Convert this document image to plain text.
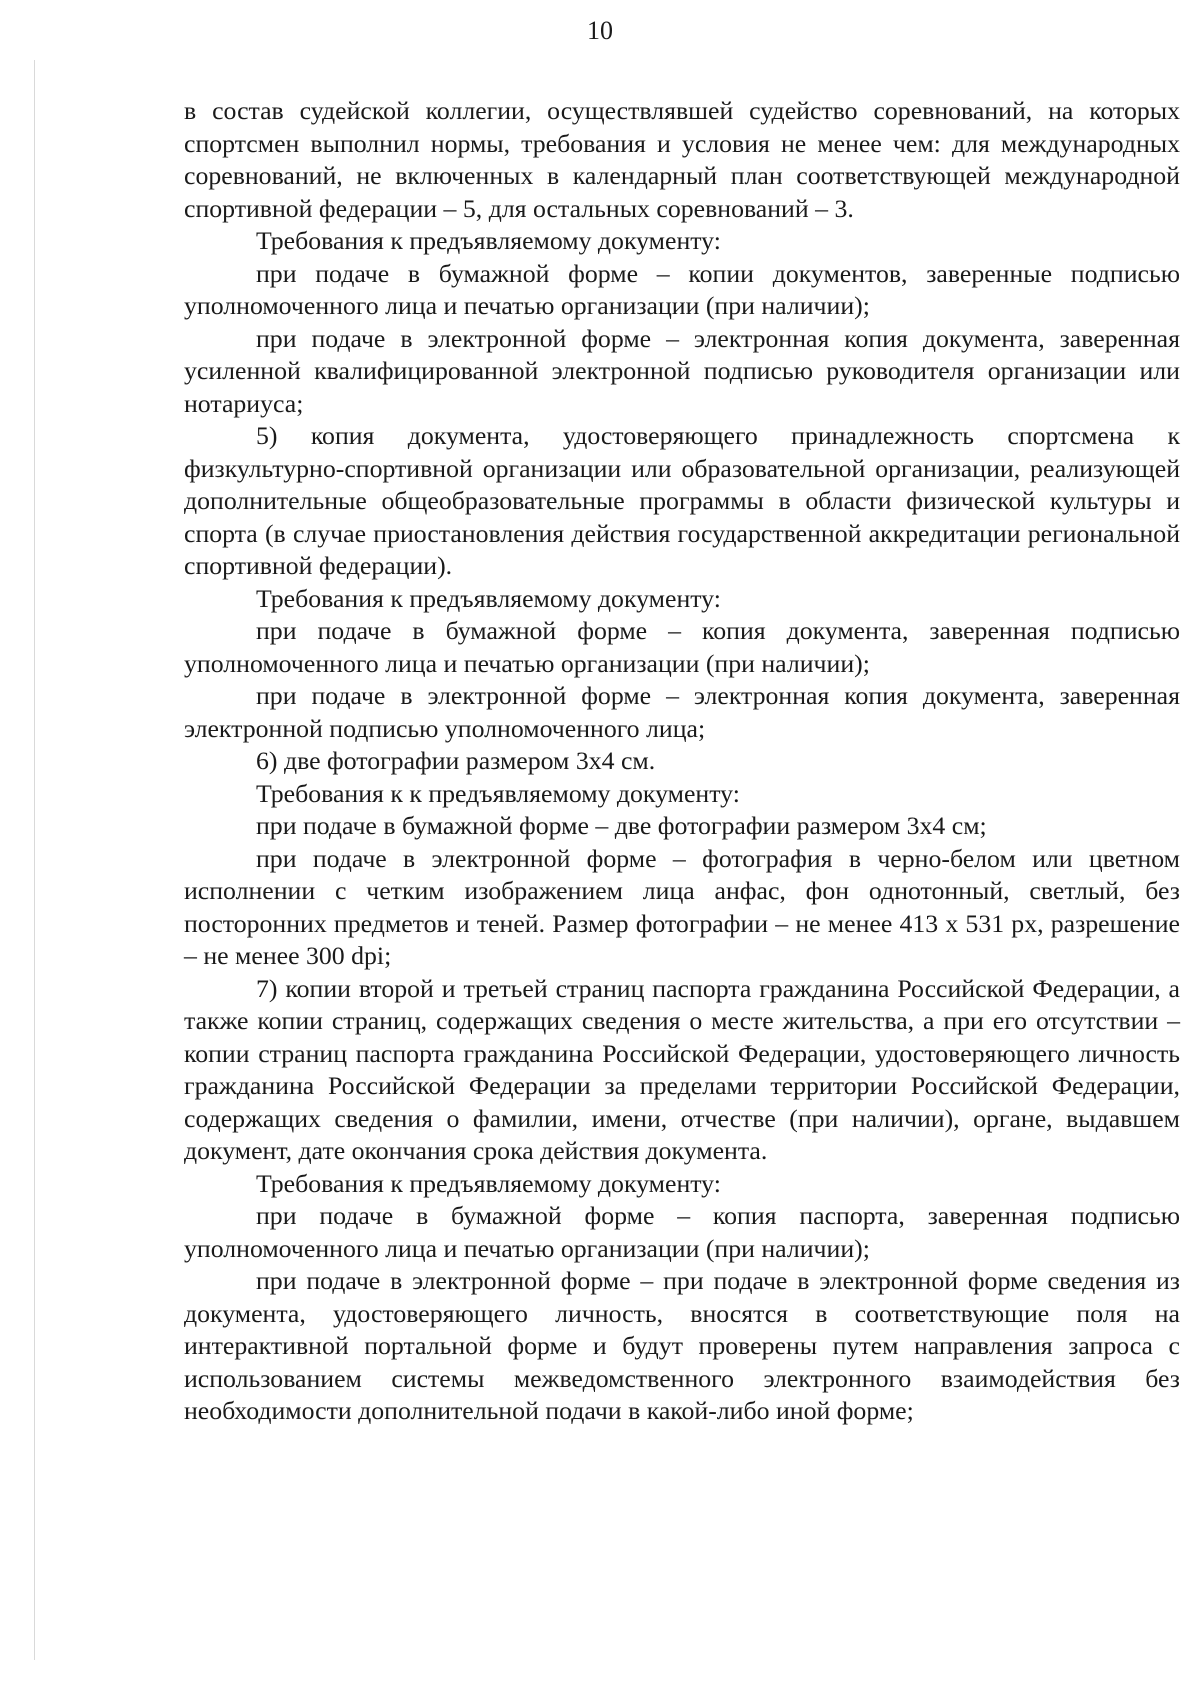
10

в состав судейской коллегии, осуществлявшей судейство соревнований, на которых спортсмен выполнил нормы, требования и условия не менее чем: для международных соревнований, не включенных в календарный план соответствующей международной спортивной федерации – 5, для остальных соревнований – 3.

Требования к предъявляемому документу:

при подаче в бумажной форме – копии документов, заверенные подписью уполномоченного лица и печатью организации (при наличии);

при подаче в электронной форме – электронная копия документа, заверенная усиленной квалифицированной электронной подписью руководителя организации или нотариуса;

5) копия документа, удостоверяющего принадлежность спортсмена к физкультурно-спортивной организации или образовательной организации, реализующей дополнительные общеобразовательные программы в области физической культуры и спорта (в случае приостановления действия государственной аккредитации региональной спортивной федерации).

Требования к предъявляемому документу:

при подаче в бумажной форме – копия документа, заверенная подписью уполномоченного лица и печатью организации (при наличии);

при подаче в электронной форме – электронная копия документа, заверенная электронной подписью уполномоченного лица;

6) две фотографии размером 3х4 см.

Требования к к предъявляемому документу:

при подаче в бумажной форме – две фотографии размером 3х4 см;

при подаче в электронной форме – фотография в черно-белом или цветном исполнении с четким изображением лица анфас, фон однотонный, светлый, без посторонних предметов и теней. Размер фотографии – не менее 413 х 531 px, разрешение – не менее 300 dpi;

7) копии второй и третьей страниц паспорта гражданина Российской Федерации, а также копии страниц, содержащих сведения о месте жительства, а при его отсутствии – копии страниц паспорта гражданина Российской Федерации, удостоверяющего личность гражданина Российской Федерации за пределами территории Российской Федерации, содержащих сведения о фамилии, имени, отчестве (при наличии), органе, выдавшем документ, дате окончания срока действия документа.

Требования к предъявляемому документу:

при подаче в бумажной форме – копия паспорта, заверенная подписью уполномоченного лица и печатью организации (при наличии);

при подаче в электронной форме – при подаче в электронной форме сведения из документа, удостоверяющего личность, вносятся в соответствующие поля на интерактивной портальной форме и будут проверены путем направления запроса с использованием системы межведомственного электронного взаимодействия без необходимости дополнительной подачи в какой-либо иной форме;
